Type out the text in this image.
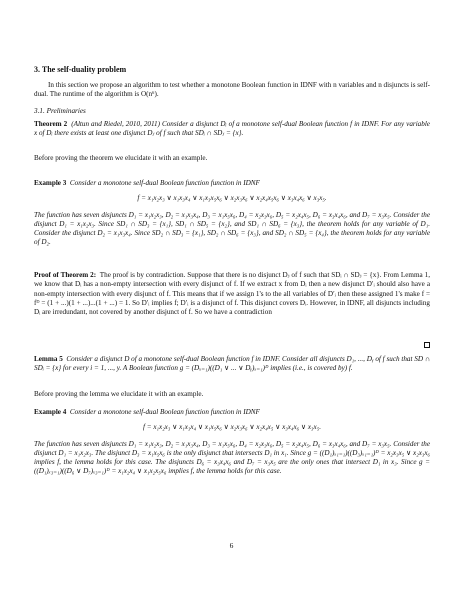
3. The self-duality problem

In this section we propose an algorithm to test whether a monotone Boolean function in IDNF with n variables and n disjuncts is self-dual. The runtime of the algorithm is O(n⁶).

3.1. Preliminaries

Theorem 2 (Altun and Riedel, 2010, 2011) Consider a disjunct Dᵢ of a monotone self-dual Boolean function f in IDNF. For any variable x of Dᵢ there exists at least one disjunct Dⱼ of f such that SDᵢ ∩ SDⱼ = {x}.

Before proving the theorem we elucidate it with an example.

Example 3 Consider a monotone self-dual Boolean function function in IDNF

f = x₁x₂x₃ ∨ x₁x₃x₄ ∨ x₁x₃x₅x₆ ∨ x₂x₃x₆ ∨ x₂x₄x₅x₆ ∨ x₃x₄x₆ ∨ x₃x₅.

The function has seven disjuncts D₁ = x₁x₂x₃, D₂ = x₁x₃x₄, D₃ = x₁x₅x₆, D₄ = x₂x₃x₆, D₅ = x₂x₄x₅, D₆ = x₃x₄x₆, and D₇ = x₃x₅. Consider the disjunct D₁ = x₁x₂x₃. Since SD₁ ∩ SD₃ = {x₁}, SD₁ ∩ SD₅ = {x₂}, and SD₁ ∩ SD₆ = {x₃}, the theorem holds for any variable of D₁. Consider the disjunct D₂ = x₁x₃x₄. Since SD₂ ∩ SD₃ = {x₁}, SD₂ ∩ SD₆ = {x₃}, and SD₂ ∩ SD₅ = {x₄}, the theorem holds for any variable of D₂.

Proof of Theorem 2: The proof is by contradiction. Suppose that there is no disjunct Dⱼ of f such that SDᵢ ∩ SDⱼ = {x}. From Lemma 1, we know that Dᵢ has a non-empty intersection with every disjunct of f. If we extract x from Dᵢ then a new disjunct D′ᵢ should also have a non-empty intersection with every disjunct of f. This means that if we assign 1's to the all variables of D′ᵢ then these assigned 1's make f = fᴰ = (1 + ...)(1 + ...)...(1 + ...) = 1. So D′ᵢ implies f; D′ᵢ is a disjunct of f. This disjunct covers Dᵢ. However, in IDNF, all disjuncts including Dᵢ are irredundant, not covered by another disjunct of f. So we have a contradiction

Lemma 5 Consider a disjunct D of a monotone self-dual Boolean function f in IDNF. Consider all disjuncts D₁, ..., Dᵧ of f such that SD ∩ SDᵢ = {x} for every i = 1, ..., y. A Boolean function g = (Dₓ₌₁)((D₁ ∨ ... ∨ Dᵧ)ₓ₌₁)ᴰ implies (i.e., is covered by) f.

Before proving the lemma we elucidate it with an example.

Example 4 Consider a monotone self-dual Boolean function function in IDNF

f = x₁x₂x₃ ∨ x₁x₃x₄ ∨ x₁x₅x₆ ∨ x₂x₃x₆ ∨ x₂x₄x₅ ∨ x₃x₄x₆ ∨ x₃x₅.

The function has seven disjuncts D₁ = x₁x₂x₃, D₂ = x₁x₃x₄, D₃ = x₁x₅x₆, D₄ = x₂x₃x₆, D₅ = x₂x₄x₅, D₆ = x₃x₄x₆, and D₇ = x₃x₅. Consider the disjunct D₁ = x₁x₂x₃. The disjunct D₃ = x₁x₅x₆ is the only disjunct that intersects D₁ in x₁. Since g = ((D₁)ₓ₁₌₁)((D₃)ₓ₁₌₁)ᴰ = x₂x₃x₅ ∨ x₂x₃x₆ implies f, the lemma holds for this case. The disjuncts D₆ = x₃x₄x₆ and D₇ = x₃x₅ are the only ones that intersect D₁ in x₃. Since g = ((D₁)ₓ₃₌₁)((D₆ ∨ D₇)ₓ₃₌₁)ᴰ = x₁x₂x₄ ∨ x₁x₂x₅x₆ implies f, the lemma holds for this case.

6
